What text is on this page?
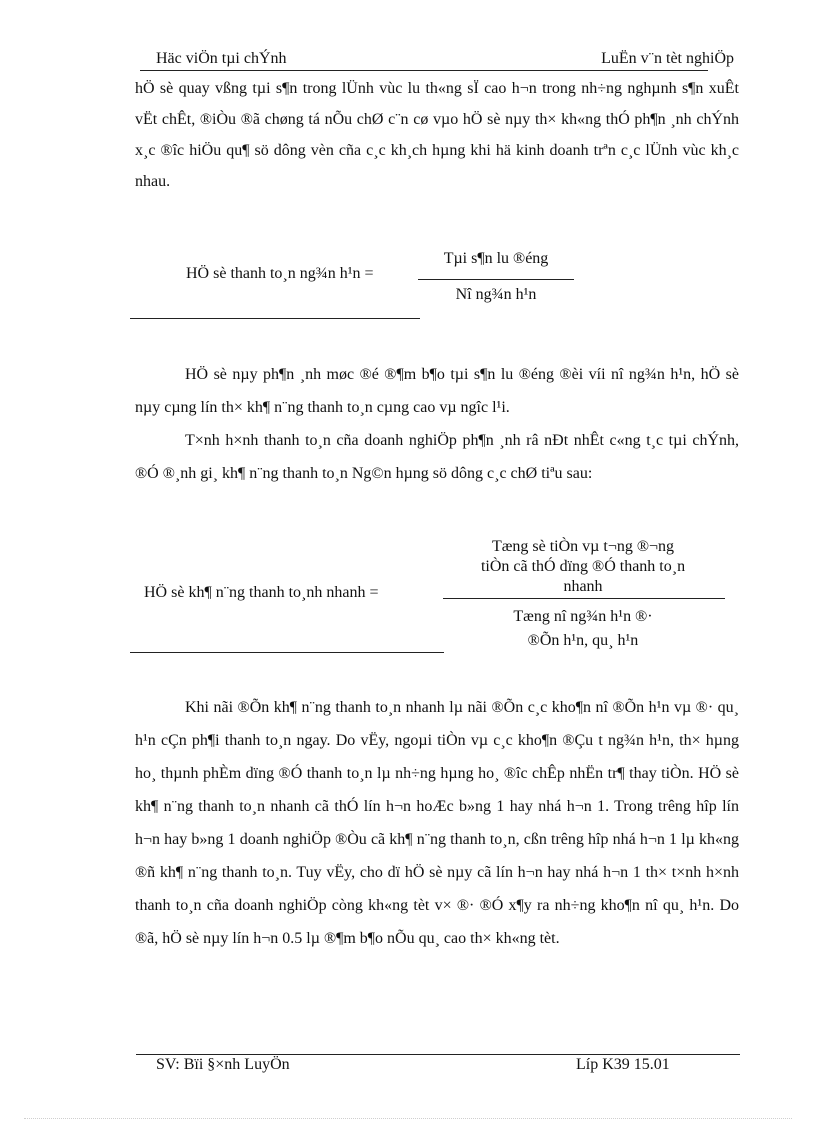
Häc viÖn tµi chÝnh	LuËn v¨n tèt nghiÖp

hÖ sè quay vßng tµi s¶n trong lÜnh vùc lu th«ng sÏ cao h¬n trong nh÷ng nghµnh s¶n xuÊt vËt chÊt, ®iÒu ®ã chøng tá nÕu chØ c¨n cø vµo hÖ sè nµy th× kh«ng thÓ ph¶n ¸nh chÝnh x¸c ®îc hiÖu qu¶ sö dông vèn cña c¸c kh¸ch hµng khi hä kinh doanh trªn c¸c lÜnh vùc kh¸c nhau.

HÖ sè thanh to¸n ng¾n h¹n =
Tµi s¶n lu ®éng
Nî ng¾n h¹n

HÖ sè nµy ph¶n ¸nh møc ®é ®¶m b¶o tµi s¶n lu ®éng ®èi víi nî ng¾n h¹n, hÖ sè nµy cµng lín th× kh¶ n¨ng thanh to¸n cµng cao vµ ngîc l¹i.

T×nh h×nh thanh to¸n cña doanh nghiÖp ph¶n ¸nh râ nÐt nhÊt c«ng t¸c tµi chÝnh, ®Ó ®¸nh gi¸ kh¶ n¨ng thanh to¸n Ng©n hµng sö dông c¸c chØ tiªu sau:

HÖ sè kh¶ n¨ng thanh to¸nh nhanh =
Tæng sè tiÒn vµ t¬ng ®¬ng
tiÒn cã thÓ dïng ®Ó thanh to¸n
nhanh
Tæng nî ng¾n h¹n ®·
®Õn h¹n, qu¸ h¹n

Khi nãi ®Õn kh¶ n¨ng thanh to¸n nhanh lµ nãi ®Õn c¸c kho¶n nî ®Õn h¹n vµ ®· qu¸ h¹n cÇn ph¶i thanh to¸n ngay. Do vËy, ngoµi tiÒn vµ c¸c kho¶n ®Çu t ng¾n h¹n, th× hµng ho¸ thµnh phÈm dïng ®Ó thanh to¸n lµ nh÷ng hµng ho¸ ®îc chÊp nhËn tr¶ thay tiÒn. HÖ sè kh¶ n¨ng thanh to¸n nhanh cã thÓ lín h¬n hoÆc b»ng 1 hay nhá h¬n 1. Trong trêng hîp lín h¬n hay b»ng 1 doanh nghiÖp ®Òu cã kh¶ n¨ng thanh to¸n, cßn trêng hîp nhá h¬n 1 lµ kh«ng ®ñ kh¶ n¨ng thanh to¸n. Tuy vËy, cho dï hÖ sè nµy cã lín h¬n hay nhá h¬n 1 th× t×nh h×nh thanh to¸n cña doanh nghiÖp còng kh«ng tèt v× ®· ®Ó x¶y ra nh÷ng kho¶n nî qu¸ h¹n. Do ®ã, hÖ sè nµy lín h¬n 0.5 lµ ®¶m b¶o nÕu qu¸ cao th× kh«ng tèt.

SV: Bïi §×nh LuyÖn	Líp K39 15.01
